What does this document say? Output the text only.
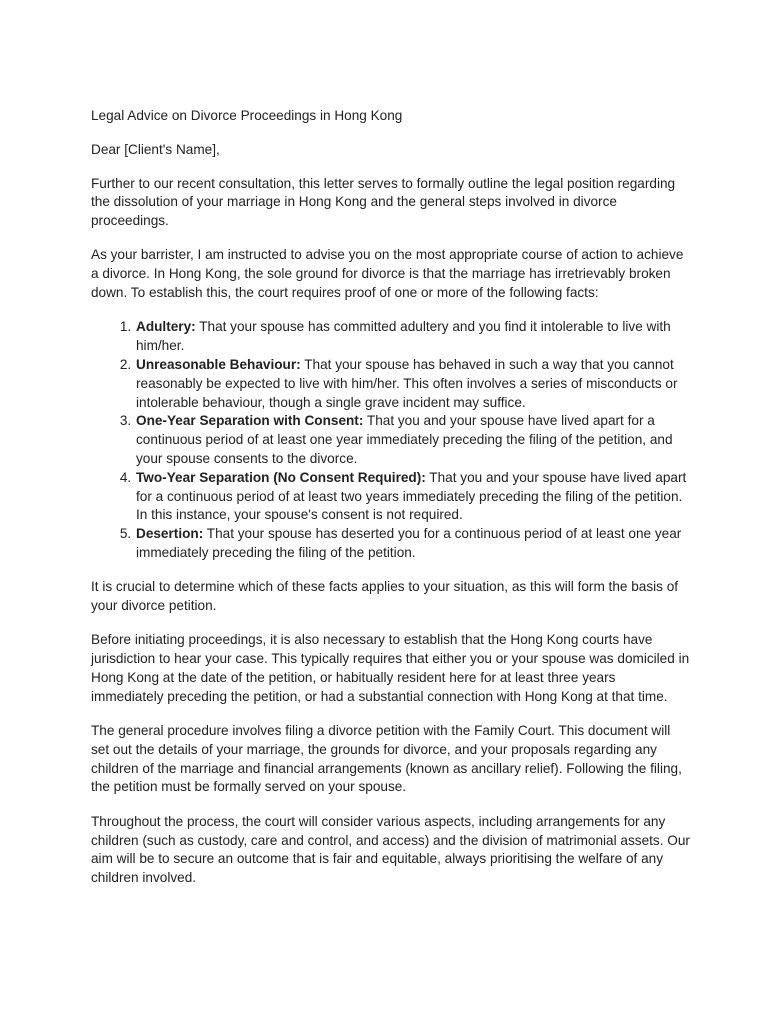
Legal Advice on Divorce Proceedings in Hong Kong

Dear [Client's Name],

Further to our recent consultation, this letter serves to formally outline the legal position regarding the dissolution of your marriage in Hong Kong and the general steps involved in divorce proceedings.

As your barrister, I am instructed to advise you on the most appropriate course of action to achieve a divorce. In Hong Kong, the sole ground for divorce is that the marriage has irretrievably broken down. To establish this, the court requires proof of one or more of the following facts:

1. Adultery: That your spouse has committed adultery and you find it intolerable to live with him/her.
2. Unreasonable Behaviour: That your spouse has behaved in such a way that you cannot reasonably be expected to live with him/her. This often involves a series of misconducts or intolerable behaviour, though a single grave incident may suffice.
3. One-Year Separation with Consent: That you and your spouse have lived apart for a continuous period of at least one year immediately preceding the filing of the petition, and your spouse consents to the divorce.
4. Two-Year Separation (No Consent Required): That you and your spouse have lived apart for a continuous period of at least two years immediately preceding the filing of the petition. In this instance, your spouse's consent is not required.
5. Desertion: That your spouse has deserted you for a continuous period of at least one year immediately preceding the filing of the petition.

It is crucial to determine which of these facts applies to your situation, as this will form the basis of your divorce petition.

Before initiating proceedings, it is also necessary to establish that the Hong Kong courts have jurisdiction to hear your case. This typically requires that either you or your spouse was domiciled in Hong Kong at the date of the petition, or habitually resident here for at least three years immediately preceding the petition, or had a substantial connection with Hong Kong at that time.

The general procedure involves filing a divorce petition with the Family Court. This document will set out the details of your marriage, the grounds for divorce, and your proposals regarding any children of the marriage and financial arrangements (known as ancillary relief). Following the filing, the petition must be formally served on your spouse.

Throughout the process, the court will consider various aspects, including arrangements for any children (such as custody, care and control, and access) and the division of matrimonial assets. Our aim will be to secure an outcome that is fair and equitable, always prioritising the welfare of any children involved.
